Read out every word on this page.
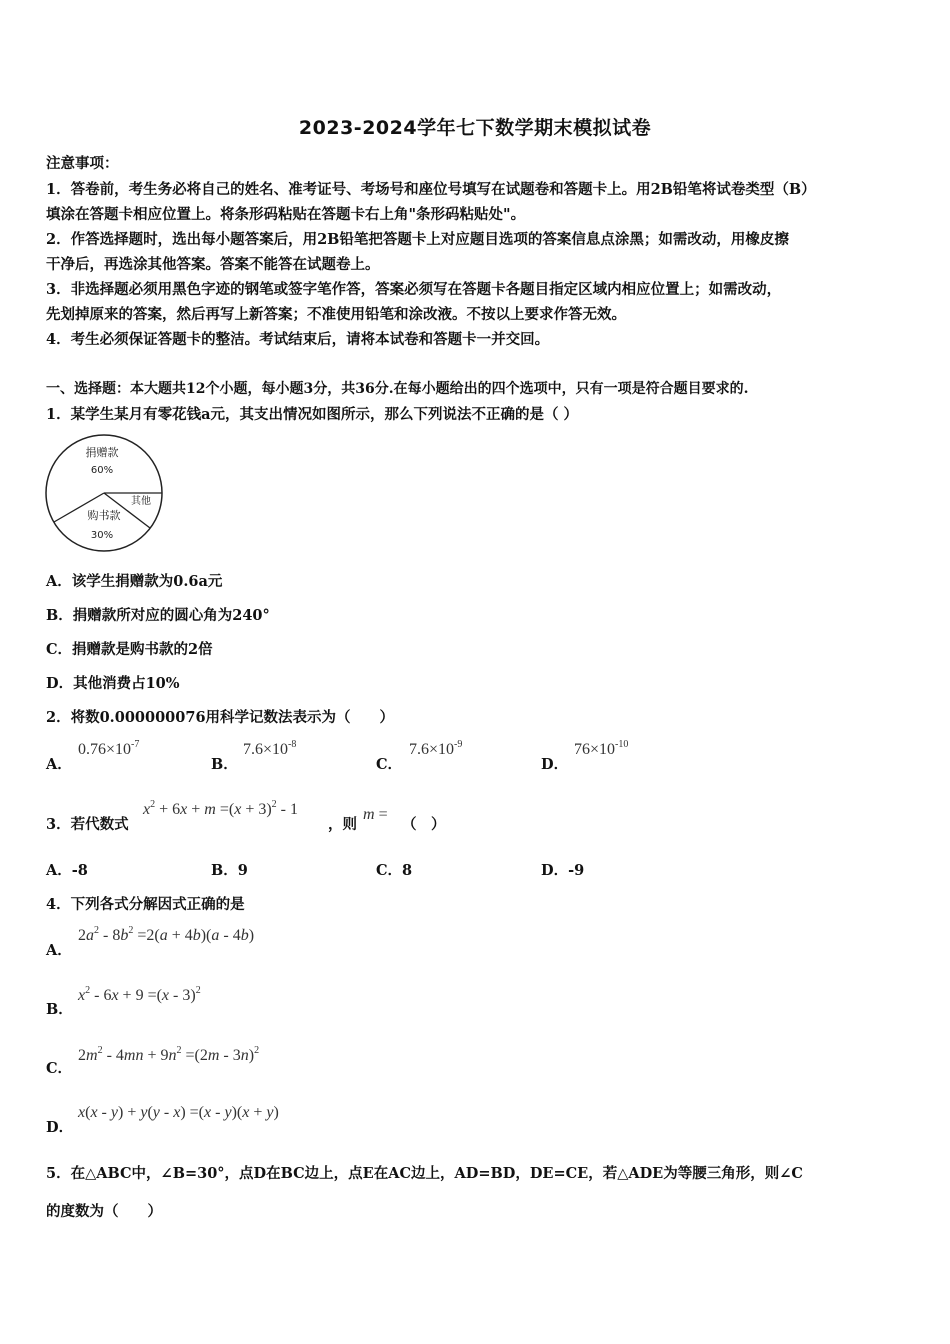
2023-2024学年七下数学期末模拟试卷
注意事项：
1．答卷前，考生务必将自己的姓名、准考证号、考场号和座位号填写在试题卷和答题卡上。用2B铅笔将试卷类型（B）
填涂在答题卡相应位置上。将条形码粘贴在答题卡右上角"条形码粘贴处"。
2．作答选择题时，选出每小题答案后，用2B铅笔把答题卡上对应题目选项的答案信息点涂黑；如需改动，用橡皮擦
干净后，再选涂其他答案。答案不能答在试题卷上。
3．非选择题必须用黑色字迹的钢笔或签字笔作答，答案必须写在答题卡各题目指定区域内相应位置上；如需改动，
先划掉原来的答案，然后再写上新答案；不准使用铅笔和涂改液。不按以上要求作答无效。
4．考生必须保证答题卡的整洁。考试结束后，请将本试卷和答题卡一并交回。
一、选择题：本大题共12个小题，每小题3分，共36分.在每小题给出的四个选项中，只有一项是符合题目要求的.
1．某学生某月有零花钱a元，其支出情况如图所示，那么下列说法不正确的是（ ）
捐赠款
60%
其他
购书款
30%
A．该学生捐赠款为0.6a元
B．捐赠款所对应的圆心角为240°
C．捐赠款是购书款的2倍
D．其他消费占10%
2．将数0.000000076用科学记数法表示为（　　）
A．
$0.76\times 10^{-7}$
B．
$7.6\times 10^{-8}$
C．
$7.6\times 10^{-9}$
D．
$76\times 10^{-10}$
3．若代数式
$x^2 + 6x + m =(x + 3)^2 - 1$
，则
m =
（　）
A．-8	B．9	C．8	D．-9
4．下列各式分解因式正确的是
A．
$2a^2 - 8b^2 =2(a + 4b)(a - 4b)$
B．
$x^2 - 6x + 9 =(x - 3)^2$
C．
$2m^2 - 4mn + 9n^2 =(2m - 3n)^2$
D．
x(x - y) + y(y - x) =(x - y)(x + y)
5．在△ABC中，∠B=30°，点D在BC边上，点E在AC边上，AD=BD，DE=CE，若△ADE为等腰三角形，则∠C
的度数为（　　）
